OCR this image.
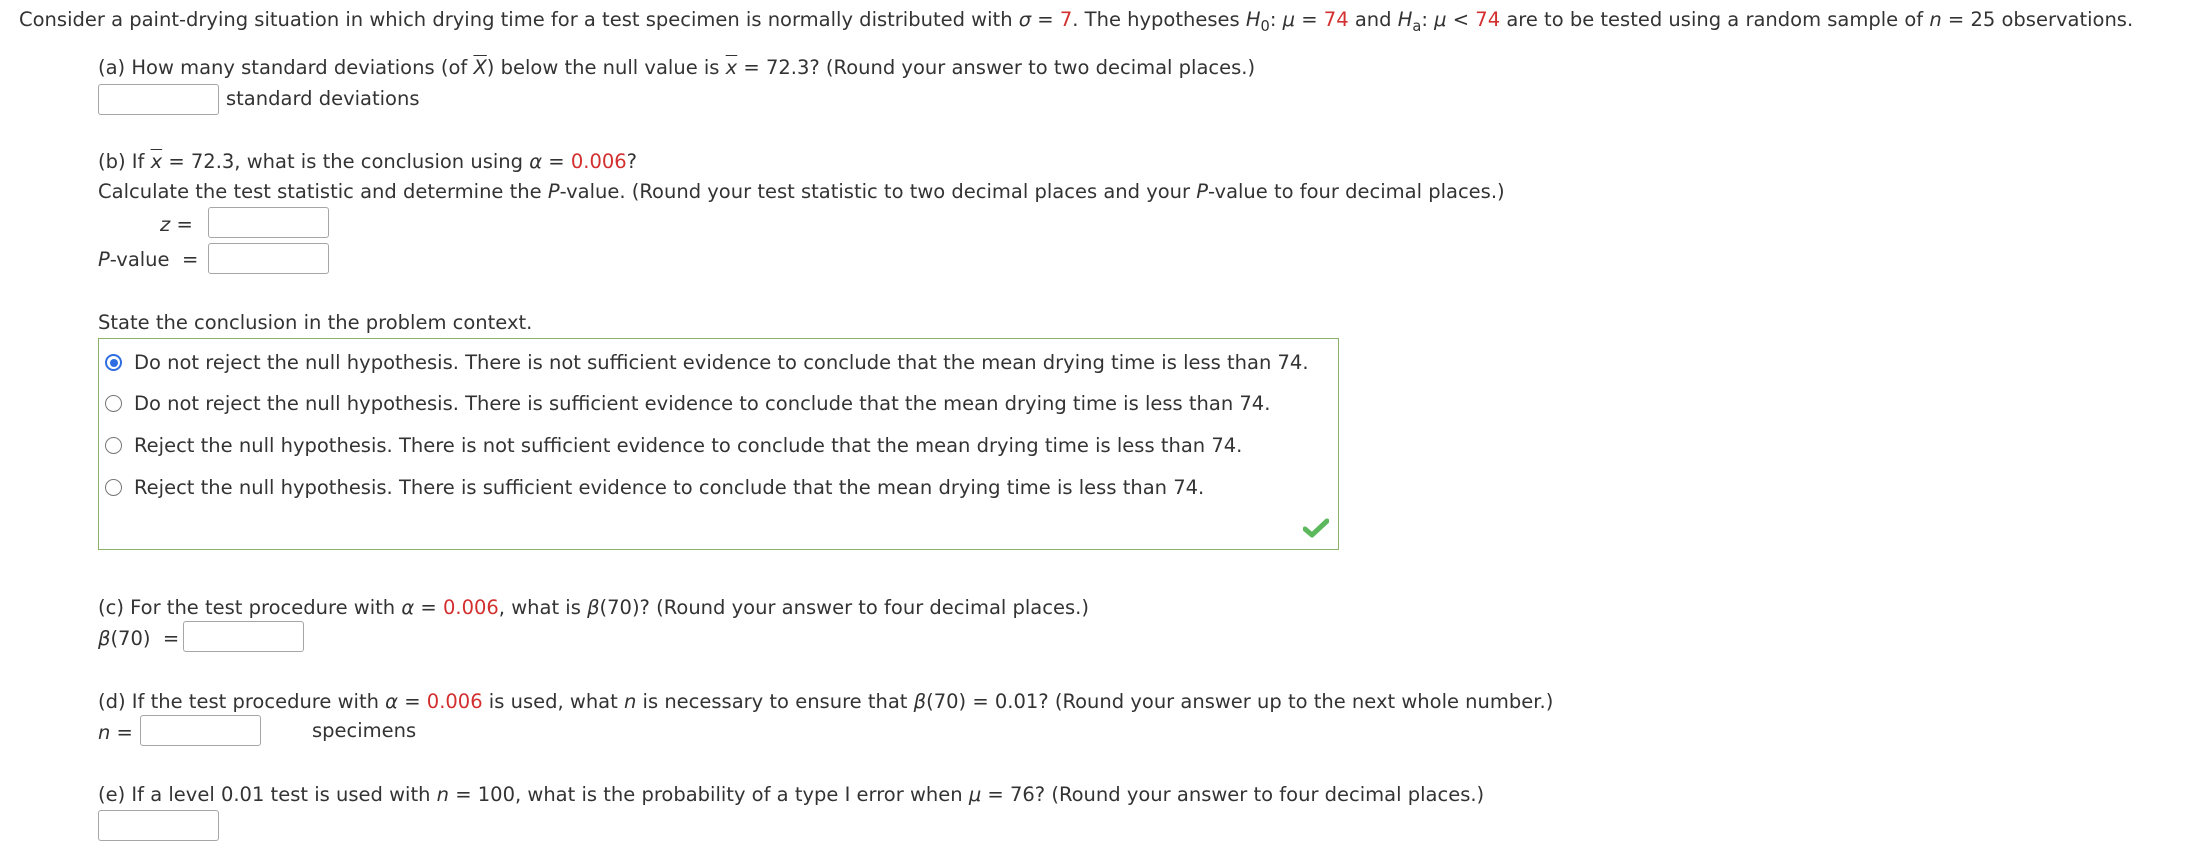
Consider a paint-drying situation in which drying time for a test specimen is normally distributed with σ = 7. The hypotheses $H_0$: μ = 74 and $H_a$: μ < 74 are to be tested using a random sample of n = 25 observations.
(a) How many standard deviations (of $\overline{X}$) below the null value is $\overline{x} = 72.3$? (Round your answer to two decimal places.)
standard deviations
(b) If $\overline{x} = 72.3$, what is the conclusion using α = 0.006?
Calculate the test statistic and determine the P-value. (Round your test statistic to two decimal places and your P-value to four decimal places.)
z =
P-value  =
State the conclusion in the problem context.
Do not reject the null hypothesis. There is not sufficient evidence to conclude that the mean drying time is less than 74.
Do not reject the null hypothesis. There is sufficient evidence to conclude that the mean drying time is less than 74.
Reject the null hypothesis. There is not sufficient evidence to conclude that the mean drying time is less than 74.
Reject the null hypothesis. There is sufficient evidence to conclude that the mean drying time is less than 74.
(c) For the test procedure with α = 0.006, what is β(70)? (Round your answer to four decimal places.)
β(70)  =
(d) If the test procedure with α = 0.006 is used, what n is necessary to ensure that β(70) = 0.01? (Round your answer up to the next whole number.)
n =	specimens
(e) If a level 0.01 test is used with n = 100, what is the probability of a type I error when μ = 76? (Round your answer to four decimal places.)
